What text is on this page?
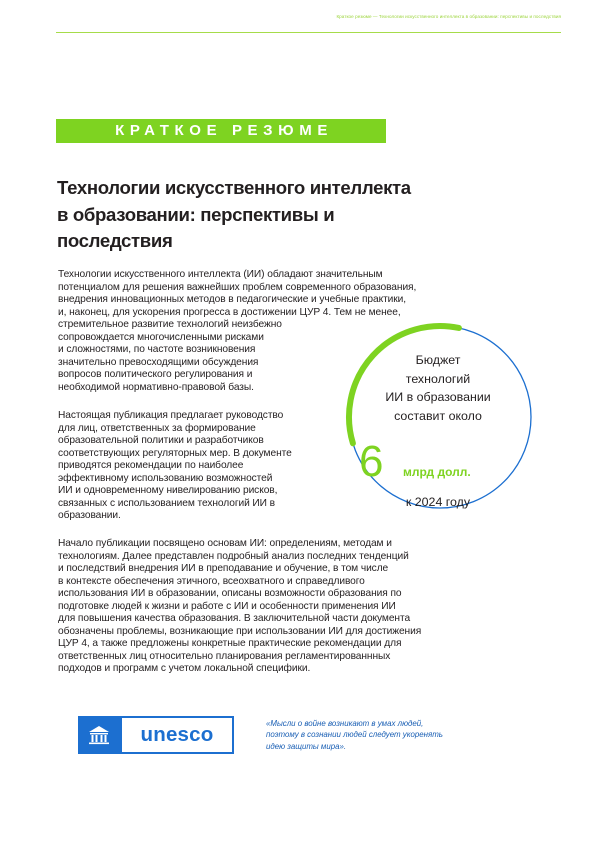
Краткое резюме — Технологии искусственного интеллекта в образовании: перспективы и последствия
КРАТКОЕ РЕЗЮМЕ
Технологии искусственного интеллекта
в образовании: перспективы и
последствия
Технологии искусственного интеллекта (ИИ) обладают значительным
потенциалом для решения важнейших проблем современного образования,
внедрения инновационных методов в педагогические и учебные практики,
и, наконец, для ускорения прогресса в достижении ЦУР 4. Тем не менее,
стремительное развитие технологий неизбежно
сопровождается многочисленными рисками
и сложностями, по частоте возникновения
значительно превосходящими обсуждения
вопросов политического регулирования и
необходимой нормативно-правовой базы.
Настоящая публикация предлагает руководство
для лиц, ответственных за формирование
образовательной политики и разработчиков
соответствующих регуляторных мер. В документе
приводятся рекомендации по наиболее
эффективному использованию возможностей
ИИ и одновременному нивелированию рисков,
связанных с использованием технологий ИИ в
образовании.
Начало публикации посвящено основам ИИ: определениям, методам и
технологиям. Далее представлен подробный анализ последних тенденций
и последствий внедрения ИИ в преподавание и обучение, в том числе
в контексте обеспечения этичного, всеохватного и справедливого
использования ИИ в образовании, описаны возможности образования по
подготовке людей к жизни и работе с ИИ и особенности применения ИИ
для повышения качества образования. В заключительной части документа
обозначены проблемы, возникающие при использовании ИИ для достижения
ЦУР 4, а также предложены конкретные практические рекомендации для
ответственных лиц относительно планирования регламентированнных
подходов и программ с учетом локальной специфики.
Бюджет
технологий
ИИ в образовании
составит около
6 млрд долл.
к 2024 году
unesco	«Мысли о войне возникают в умах людей,
поэтому в сознании людей следует укоренять
идею защиты мира».
